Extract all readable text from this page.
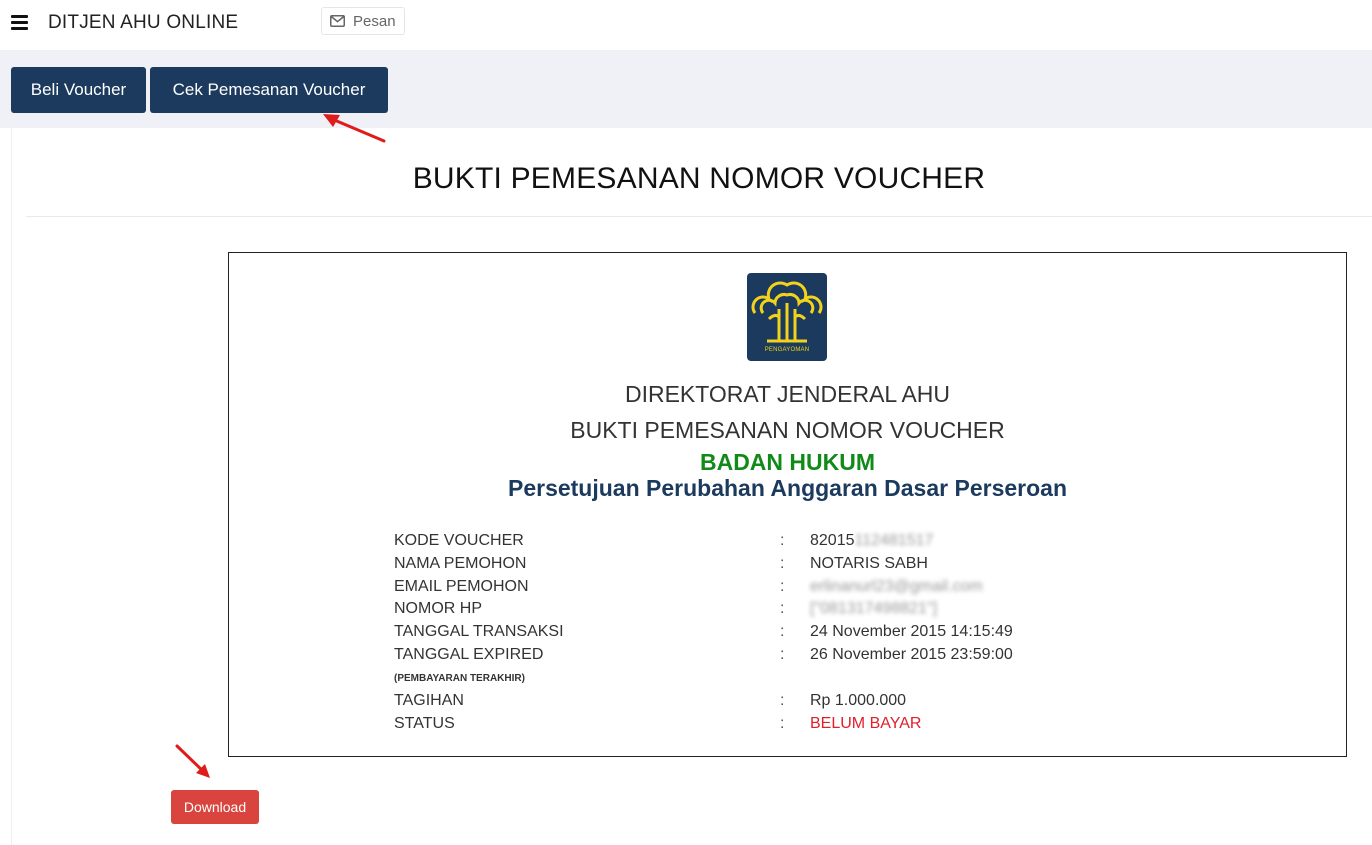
DITJEN AHU ONLINE	Pesan
Beli Voucher	Cek Pemesanan Voucher
BUKTI PEMESANAN NOMOR VOUCHER
PENGAYOMAN
DIREKTORAT JENDERAL AHU
BUKTI PEMESANAN NOMOR VOUCHER
BADAN HUKUM
Persetujuan Perubahan Anggaran Dasar Perseroan
KODE VOUCHER	: 82015112481517
NAMA PEMOHON	: NOTARIS SABH
EMAIL PEMOHON	: erlinanurl23@gmail.com
NOMOR HP	: ["081317498821"]
TANGGAL TRANSAKSI	: 24 November 2015 14:15:49
TANGGAL EXPIRED	: 26 November 2015 23:59:00
(PEMBAYARAN TERAKHIR)
TAGIHAN	: Rp 1.000.000
STATUS	: BELUM BAYAR
Download
